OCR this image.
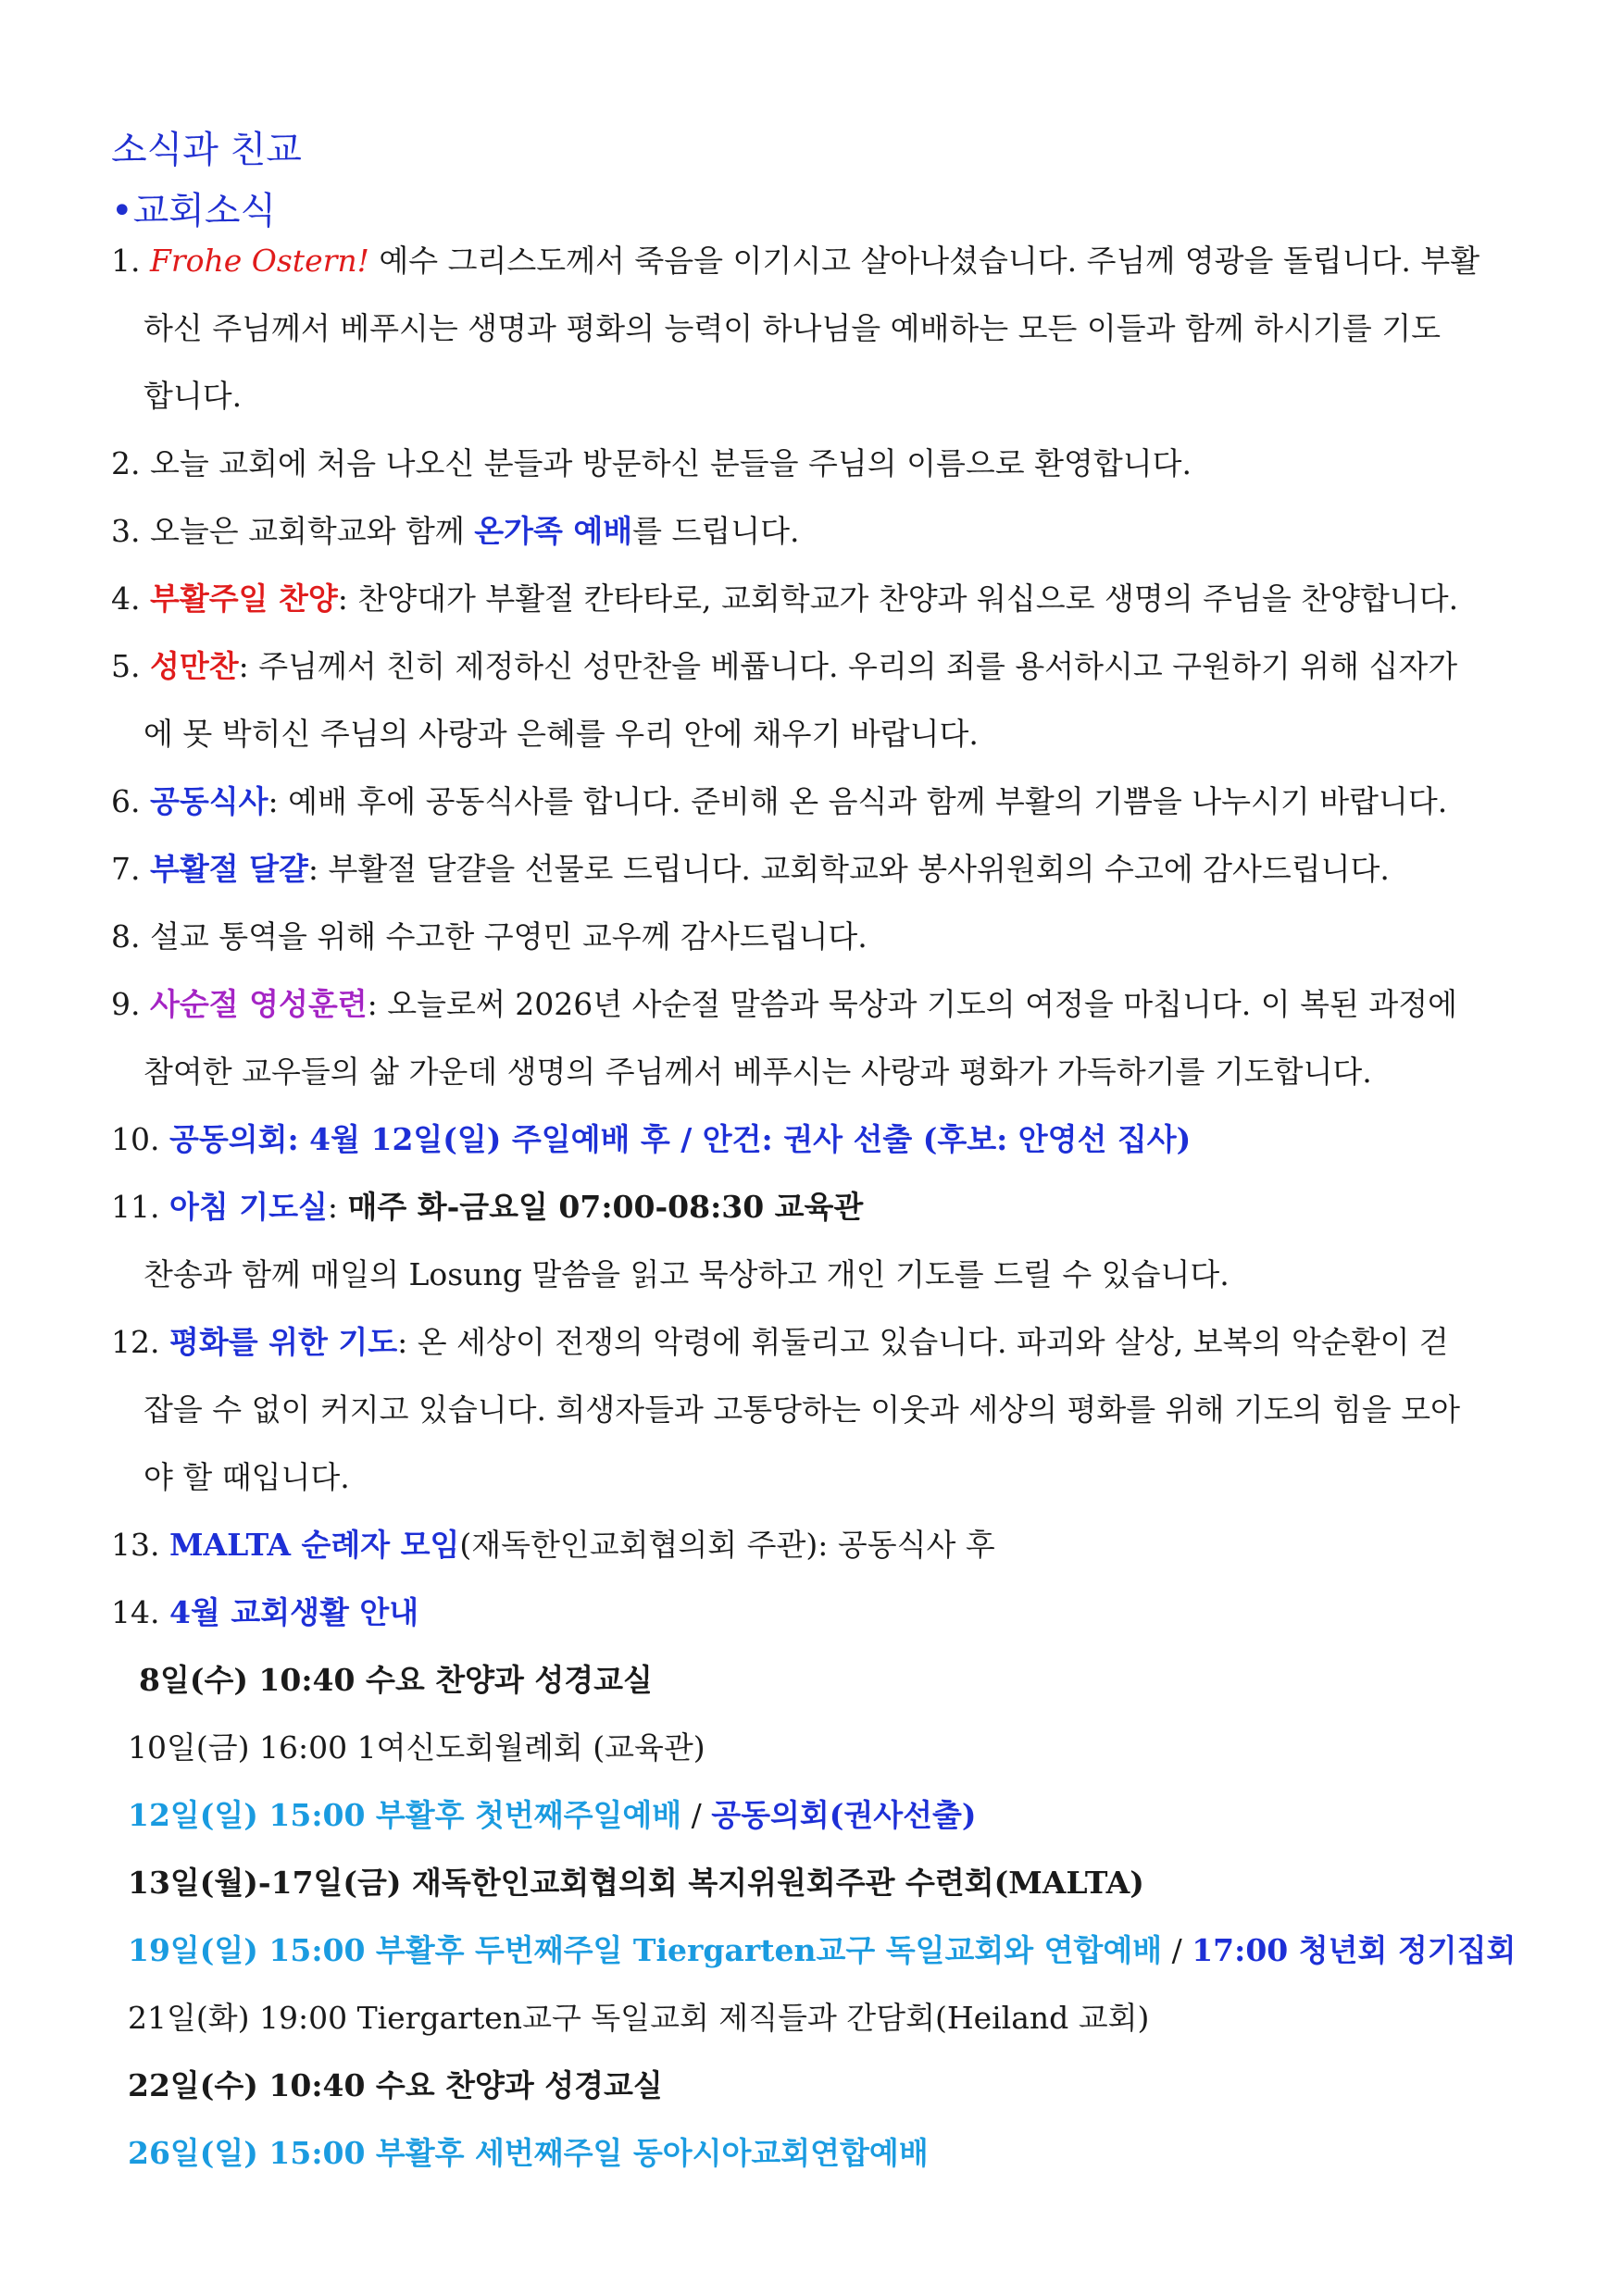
소식과 친교
•교회소식
1. Frohe Ostern! 예수 그리스도께서 죽음을 이기시고 살아나셨습니다. 주님께 영광을 돌립니다. 부활
하신 주님께서 베푸시는 생명과 평화의 능력이 하나님을 예배하는 모든 이들과 함께 하시기를 기도
합니다.
2. 오늘 교회에 처음 나오신 분들과 방문하신 분들을 주님의 이름으로 환영합니다.
3. 오늘은 교회학교와 함께 온가족 예배를 드립니다.
4. 부활주일 찬양: 찬양대가 부활절 칸타타로, 교회학교가 찬양과 워십으로 생명의 주님을 찬양합니다.
5. 성만찬: 주님께서 친히 제정하신 성만찬을 베풉니다. 우리의 죄를 용서하시고 구원하기 위해 십자가
에 못 박히신 주님의 사랑과 은혜를 우리 안에 채우기 바랍니다.
6. 공동식사: 예배 후에 공동식사를 합니다. 준비해 온 음식과 함께 부활의 기쁨을 나누시기 바랍니다.
7. 부활절 달걀: 부활절 달걀을 선물로 드립니다. 교회학교와 봉사위원회의 수고에 감사드립니다.
8. 설교 통역을 위해 수고한 구영민 교우께 감사드립니다.
9. 사순절 영성훈련: 오늘로써 2026년 사순절 말씀과 묵상과 기도의 여정을 마칩니다. 이 복된 과정에
참여한 교우들의 삶 가운데 생명의 주님께서 베푸시는 사랑과 평화가 가득하기를 기도합니다.
10. 공동의회: 4월 12일(일) 주일예배 후 / 안건: 권사 선출 (후보: 안영선 집사)
11. 아침 기도실: 매주 화-금요일 07:00-08:30 교육관
찬송과 함께 매일의 Losung 말씀을 읽고 묵상하고 개인 기도를 드릴 수 있습니다.
12. 평화를 위한 기도: 온 세상이 전쟁의 악령에 휘둘리고 있습니다. 파괴와 살상, 보복의 악순환이 걷
잡을 수 없이 커지고 있습니다. 희생자들과 고통당하는 이웃과 세상의 평화를 위해 기도의 힘을 모아
야 할 때입니다.
13. MALTA 순례자 모임(재독한인교회협의회 주관): 공동식사 후
14. 4월 교회생활 안내
8일(수) 10:40 수요 찬양과 성경교실
10일(금) 16:00 1여신도회월례회 (교육관)
12일(일) 15:00 부활후 첫번째주일예배 / 공동의회(권사선출)
13일(월)-17일(금) 재독한인교회협의회 복지위원회주관 수련회(MALTA)
19일(일) 15:00 부활후 두번째주일 Tiergarten교구 독일교회와 연합예배 / 17:00 청년회 정기집회
21일(화) 19:00 Tiergarten교구 독일교회 제직들과 간담회(Heiland 교회)
22일(수) 10:40 수요 찬양과 성경교실
26일(일) 15:00 부활후 세번째주일 동아시아교회연합예배
